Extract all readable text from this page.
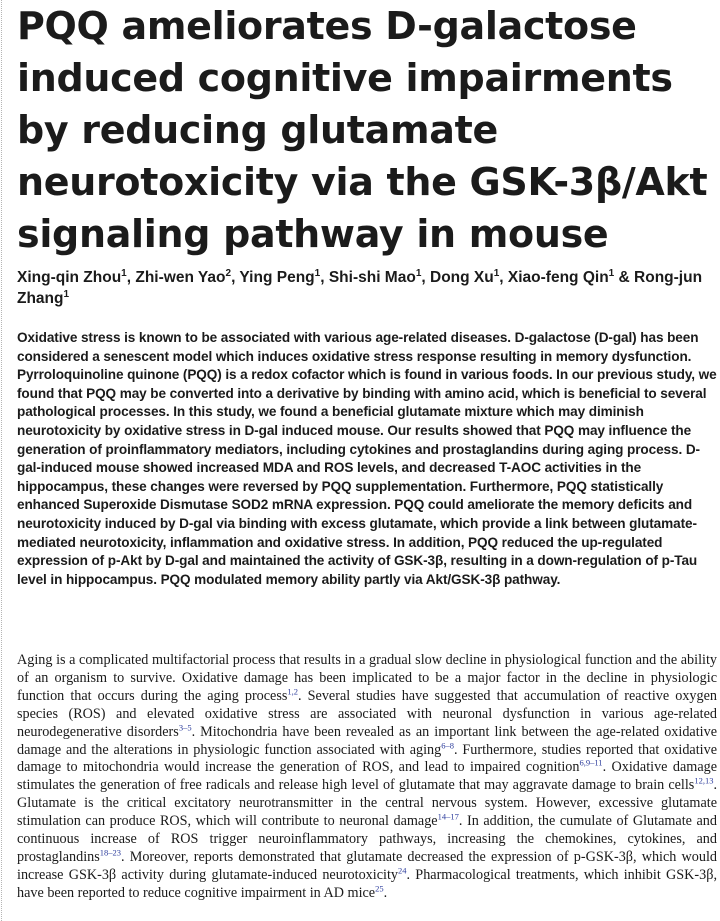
PQQ ameliorates D-galactose induced cognitive impairments by reducing glutamate neurotoxicity via the GSK-3β/Akt signaling pathway in mouse

Xing-qin Zhou$^1$, Zhi-wen Yao$^2$, Ying Peng$^1$, Shi-shi Mao$^1$, Dong Xu$^1$, Xiao-feng Qin$^1$ & Rong-jun Zhang$^1$

Oxidative stress is known to be associated with various age-related diseases. D-galactose (D-gal) has been considered a senescent model which induces oxidative stress response resulting in memory dysfunction. Pyrroloquinoline quinone (PQQ) is a redox cofactor which is found in various foods. In our previous study, we found that PQQ may be converted into a derivative by binding with amino acid, which is beneficial to several pathological processes. In this study, we found a beneficial glutamate mixture which may diminish neurotoxicity by oxidative stress in D-gal induced mouse. Our results showed that PQQ may influence the generation of proinflammatory mediators, including cytokines and prostaglandins during aging process. D-gal-induced mouse showed increased MDA and ROS levels, and decreased T-AOC activities in the hippocampus, these changes were reversed by PQQ supplementation. Furthermore, PQQ statistically enhanced Superoxide Dismutase SOD2 mRNA expression. PQQ could ameliorate the memory deficits and neurotoxicity induced by D-gal via binding with excess glutamate, which provide a link between glutamate-mediated neurotoxicity, inflammation and oxidative stress. In addition, PQQ reduced the up-regulated expression of p-Akt by D-gal and maintained the activity of GSK-3β, resulting in a down-regulation of p-Tau level in hippocampus. PQQ modulated memory ability partly via Akt/GSK-3β pathway.

Aging is a complicated multifactorial process that results in a gradual slow decline in physiological function and the ability of an organism to survive. Oxidative damage has been implicated to be a major factor in the decline in physiologic function that occurs during the aging process$^{1,2}$. Several studies have suggested that accumulation of reactive oxygen species (ROS) and elevated oxidative stress are associated with neuronal dysfunction in various age-related neurodegenerative disorders$^{3-5}$. Mitochondria have been revealed as an important link between the age-related oxidative damage and the alterations in physiologic function associated with aging$^{6-8}$. Furthermore, studies reported that oxidative damage to mitochondria would increase the generation of ROS, and lead to impaired cognition$^{6,9-11}$. Oxidative damage stimulates the generation of free radicals and release high level of glutamate that may aggravate damage to brain cells$^{12,13}$. Glutamate is the critical excitatory neurotransmitter in the central nervous system. However, excessive glutamate stimulation can produce ROS, which will contribute to neuronal damage$^{14-17}$. In addition, the cumulate of Glutamate and continuous increase of ROS trigger neuroinflammatory pathways, increasing the chemokines, cytokines, and prostaglandins$^{18-23}$. Moreover, reports demonstrated that glutamate decreased the expression of p-GSK-3β, which would increase GSK-3β activity during glutamate-induced neurotoxicity$^{24}$. Pharmacological treatments, which inhibit GSK-3β, have been reported to reduce cognitive impairment in AD mice$^{25}$.
